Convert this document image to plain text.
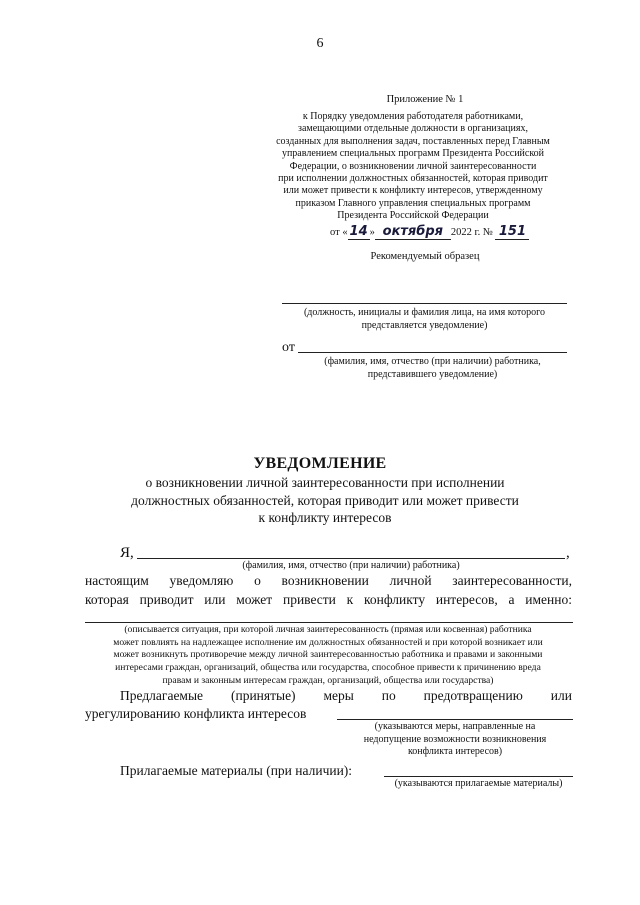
6
Приложение № 1
к Порядку уведомления работодателя работниками,
замещающими отдельные должности в организациях,
созданных для выполнения задач, поставленных перед Главным
управлением специальных программ Президента Российской
Федерации, о возникновении личной заинтересованности
при исполнении должностных обязанностей, которая приводит
или может привести к конфликту интересов, утвержденному
приказом Главного управления специальных программ
Президента Российской Федерации
от « 14 » октября 2022 г. № 151
Рекомендуемый образец
(должность, инициалы и фамилия лица, на имя которого
представляется уведомление)
от
(фамилия, имя, отчество (при наличии) работника,
представившего уведомление)
УВЕДОМЛЕНИЕ
о возникновении личной заинтересованности при исполнении
должностных обязанностей, которая приводит или может привести
к конфликту интересов
Я,	,
(фамилия, имя, отчество (при наличии) работника)
настоящим уведомляю о возникновении личной заинтересованности,
которая приводит или может привести к конфликту интересов, а именно:
(описывается ситуация, при которой личная заинтересованность (прямая или косвенная) работника
может повлиять на надлежащее исполнение им должностных обязанностей и при которой возникает или
может возникнуть противоречие между личной заинтересованностью работника и правами и законными
интересами граждан, организаций, общества или государства, способное привести к причинению вреда
правам и законным интересам граждан, организаций, общества или государства)
Предлагаемые (принятые) меры по предотвращению или
урегулированию конфликта интересов
(указываются меры, направленные на
недопущение возможности возникновения
конфликта интересов)
Прилагаемые материалы (при наличии):
(указываются прилагаемые материалы)
